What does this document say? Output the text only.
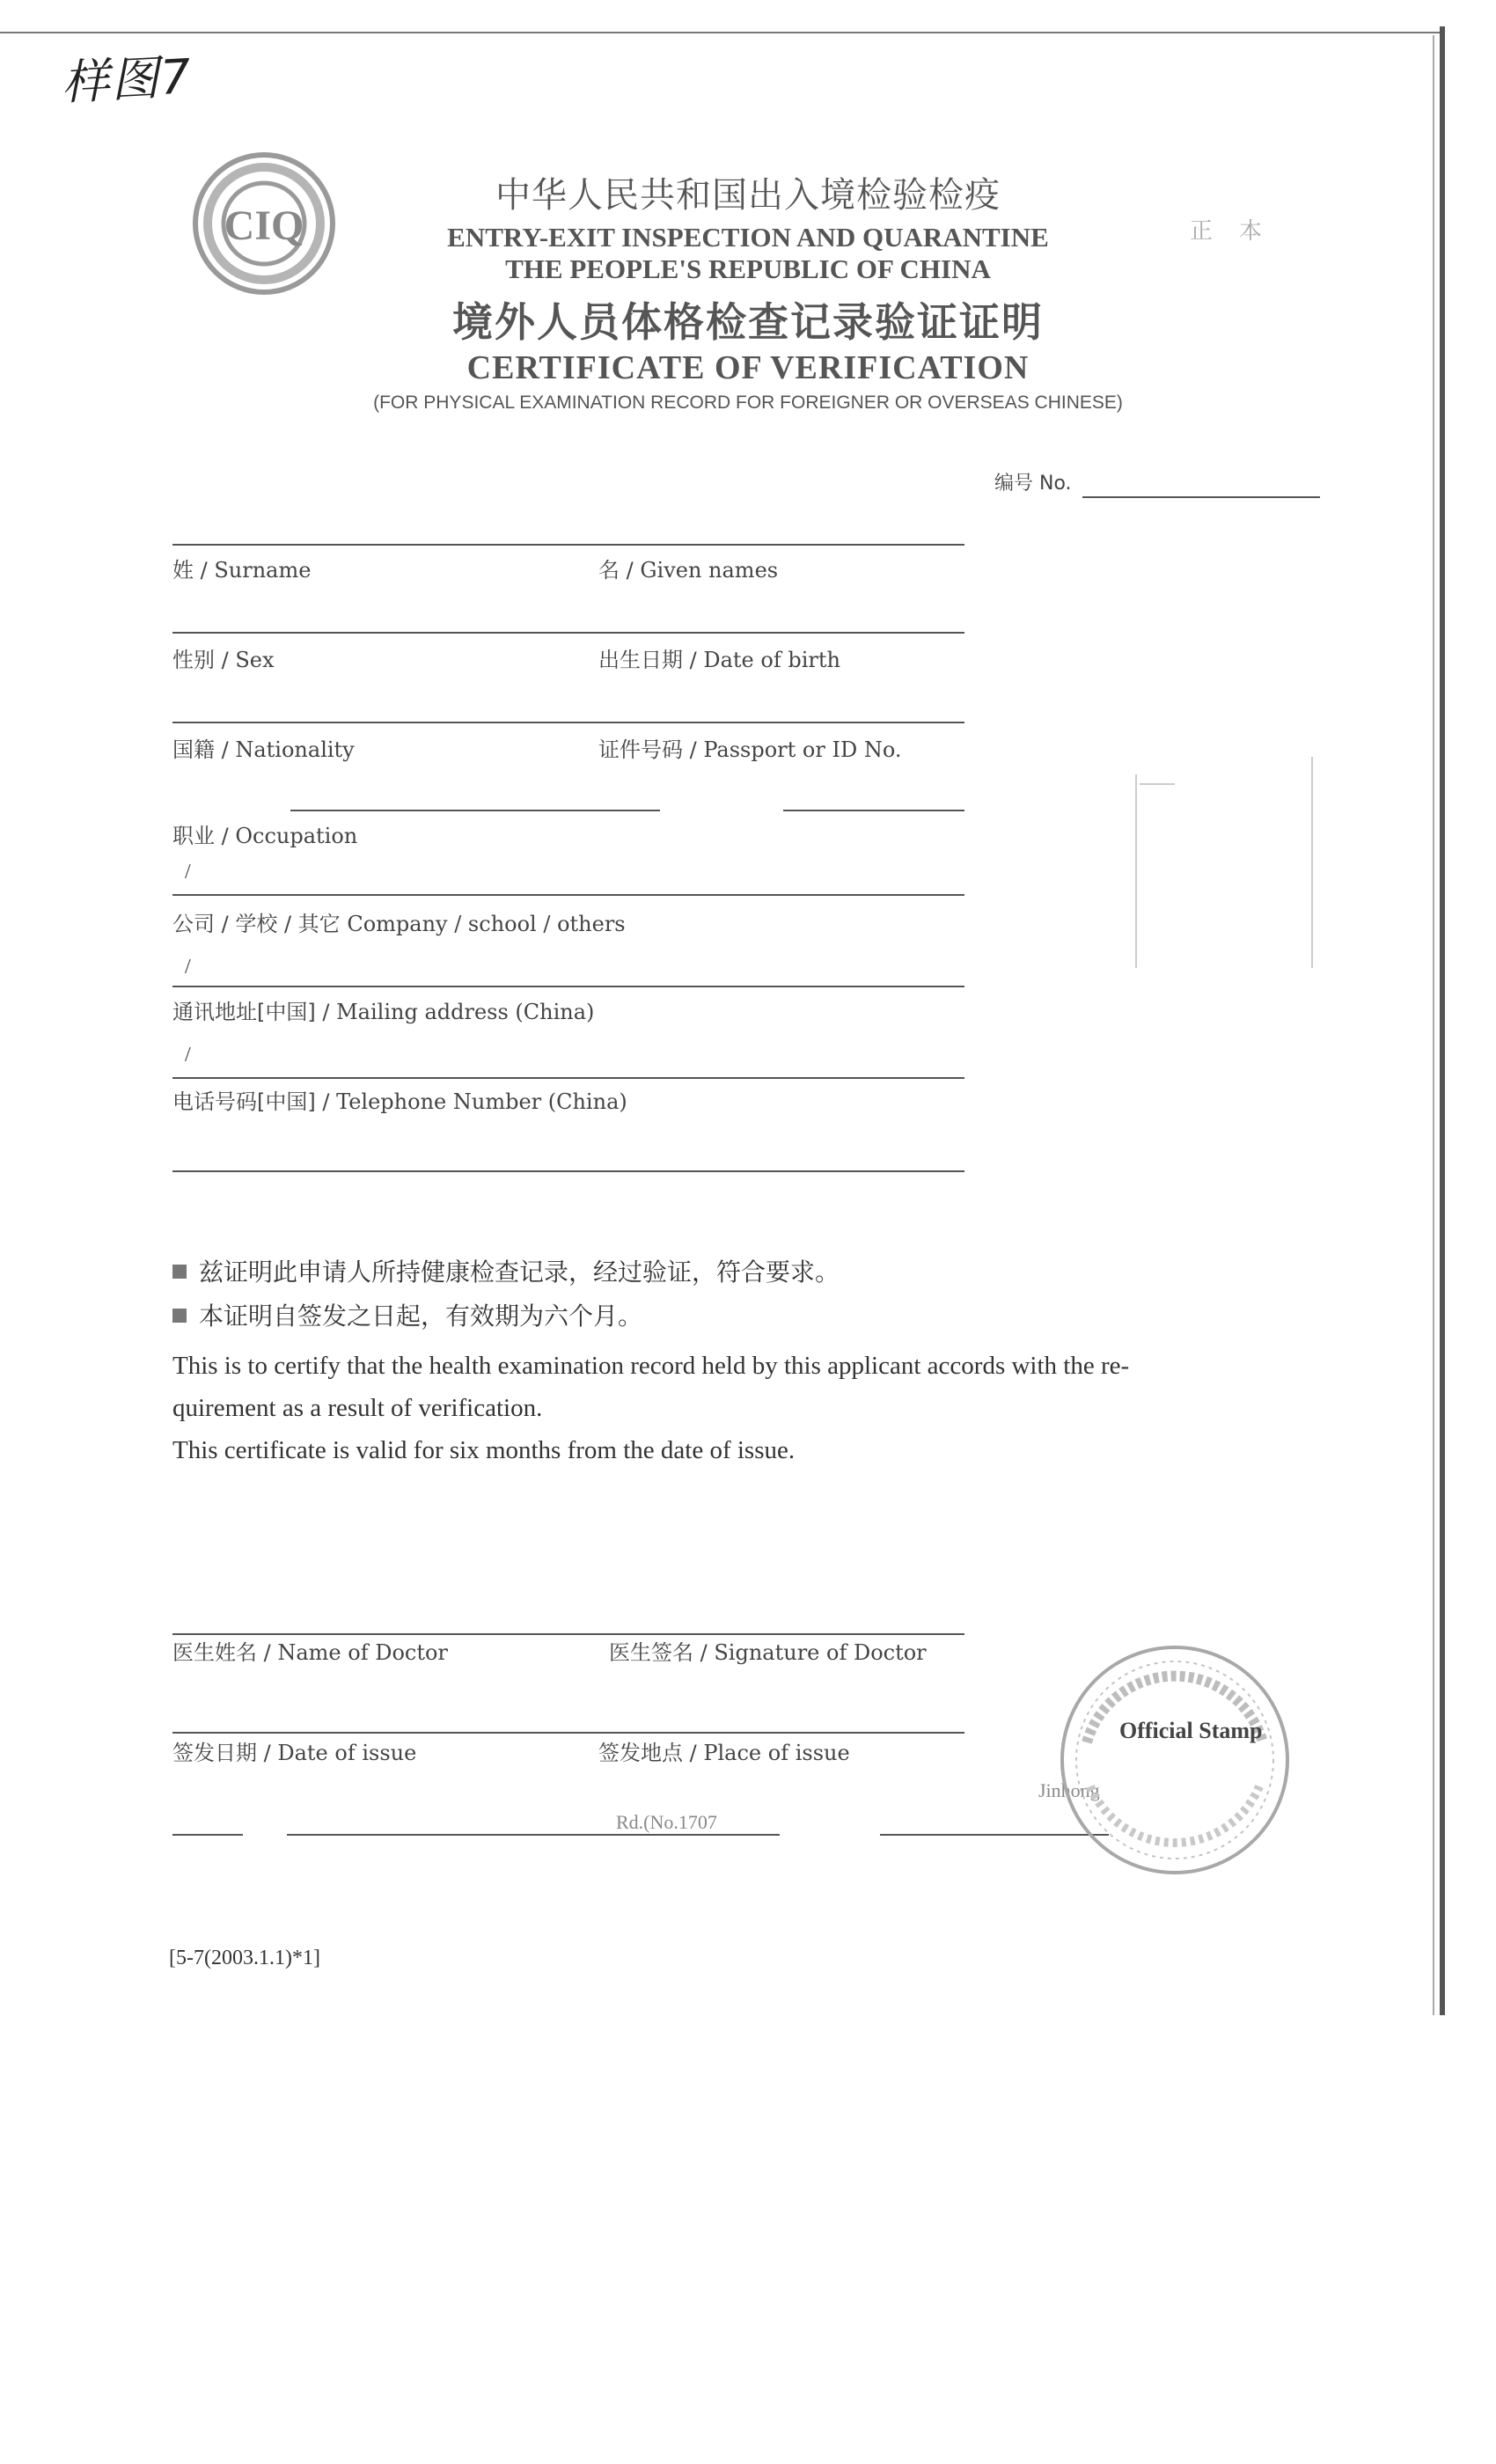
样图7
CIQ
中华人民共和国出入境检验检疫
ENTRY-EXIT INSPECTION AND QUARANTINE
THE PEOPLE'S REPUBLIC OF CHINA
境外人员体格检查记录验证证明
CERTIFICATE OF VERIFICATION
(FOR PHYSICAL EXAMINATION RECORD FOR FOREIGNER OR OVERSEAS CHINESE)
正本
编号 No.
姓 / Surname	名 / Given names
性别 / Sex	出生日期 / Date of birth
国籍 / Nationality	证件号码 / Passport or ID No.
职业 / Occupation
/
公司 / 学校 / 其它 Company / school / others
/
通讯地址[中国] / Mailing address (China)
/
电话号码[中国] / Telephone Number (China)
兹证明此申请人所持健康检查记录，经过验证，符合要求。
本证明自签发之日起，有效期为六个月。
This is to certify that the health examination record held by this applicant accords with the re-
quirement as a result of verification.
This certificate is valid for six months from the date of issue.
医生姓名 / Name of Doctor	医生签名 / Signature of Doctor
签发日期 / Date of issue	签发地点 / Place of issue
Rd.(No.1707
Jinhong
Official Stamp
[5-7(2003.1.1)*1]
